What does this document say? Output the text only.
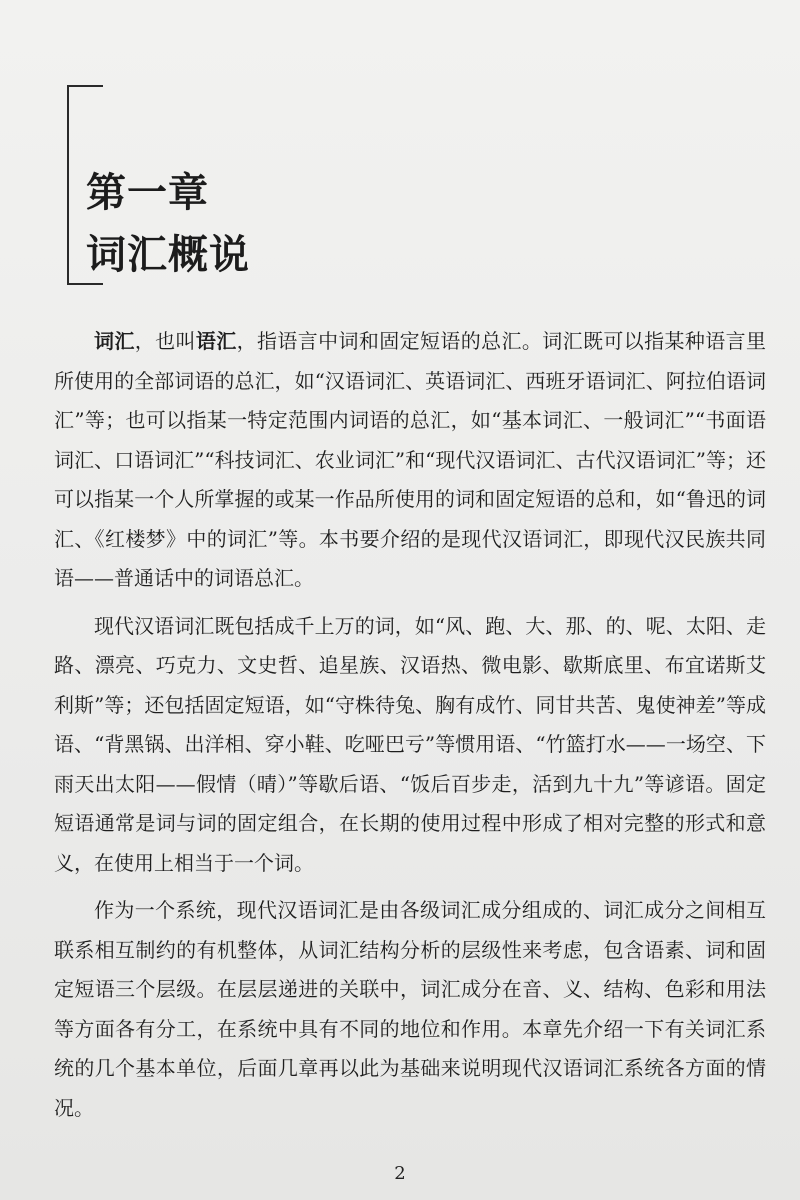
第一章
词汇概说

词汇，也叫语汇，指语言中词和固定短语的总汇。词汇既可以指某种语言里所使用的全部词语的总汇，如“汉语词汇、英语词汇、西班牙语词汇、阿拉伯语词汇”等；也可以指某一特定范围内词语的总汇，如“基本词汇、一般词汇”“书面语词汇、口语词汇”“科技词汇、农业词汇”和“现代汉语词汇、古代汉语词汇”等；还可以指某一个人所掌握的或某一作品所使用的词和固定短语的总和，如“鲁迅的词汇、《红楼梦》中的词汇”等。本书要介绍的是现代汉语词汇，即现代汉民族共同语——普通话中的词语总汇。

现代汉语词汇既包括成千上万的词，如“风、跑、大、那、的、呢、太阳、走路、漂亮、巧克力、文史哲、追星族、汉语热、微电影、歇斯底里、布宜诺斯艾利斯”等；还包括固定短语，如“守株待兔、胸有成竹、同甘共苦、鬼使神差”等成语、“背黑锅、出洋相、穿小鞋、吃哑巴亏”等惯用语、“竹篮打水——一场空、下雨天出太阳——假情（晴）”等歇后语、“饭后百步走，活到九十九”等谚语。固定短语通常是词与词的固定组合，在长期的使用过程中形成了相对完整的形式和意义，在使用上相当于一个词。

作为一个系统，现代汉语词汇是由各级词汇成分组成的、词汇成分之间相互联系相互制约的有机整体，从词汇结构分析的层级性来考虑，包含语素、词和固定短语三个层级。在层层递进的关联中，词汇成分在音、义、结构、色彩和用法等方面各有分工，在系统中具有不同的地位和作用。本章先介绍一下有关词汇系统的几个基本单位，后面几章再以此为基础来说明现代汉语词汇系统各方面的情况。

2
